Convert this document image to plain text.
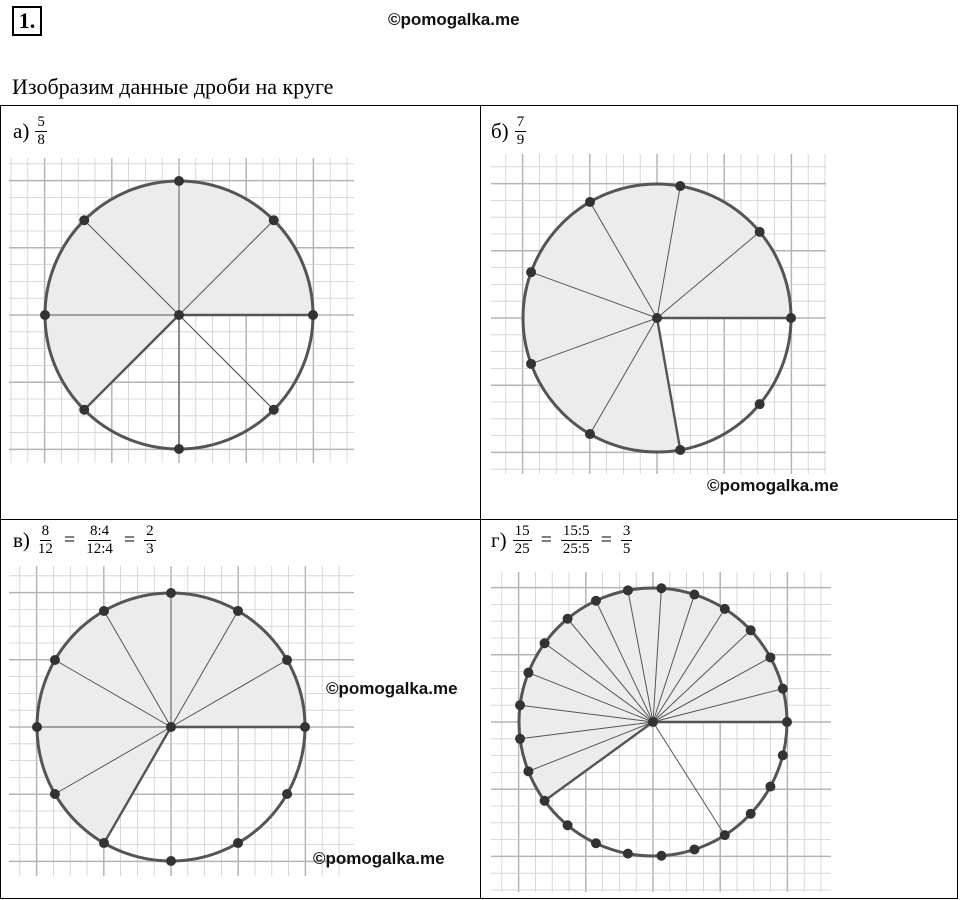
1.	©pomogalka.me
Изобразим данные дроби на круге
$а) \frac{5}{8}$	$б) \frac{7}{9}$
©pomogalka.me
$в) \frac{8}{12} = \frac{8:4}{12:4} = \frac{2}{3}$
©pomogalka.me
©pomogalka.me
$г) \frac{15}{25} = \frac{15:5}{25:5} = \frac{3}{5}$
